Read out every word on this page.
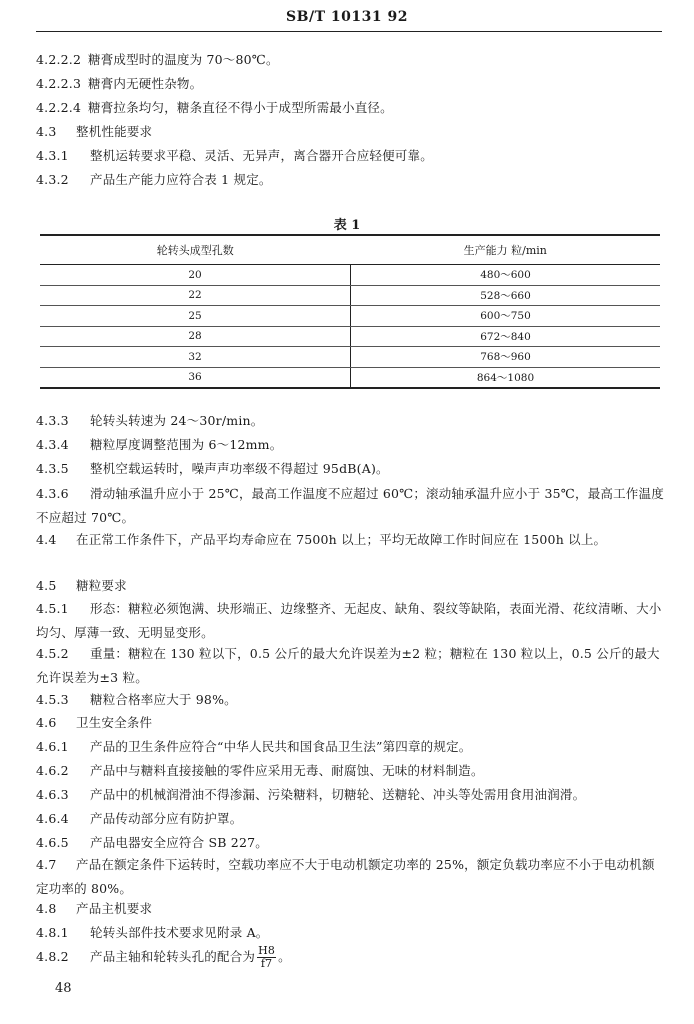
SB/T 10131 92
4.2.2.2 糖膏成型时的温度为 70～80℃。
4.2.2.3 糖膏内无硬性杂物。
4.2.2.4 糖膏拉条均匀，糖条直径不得小于成型所需最小直径。
4.3 整机性能要求
4.3.1 整机运转要求平稳、灵活、无异声，离合器开合应轻便可靠。
4.3.2 产品生产能力应符合表 1 规定。
表 1
轮转头成型孔数	生产能力 粒/min
20	480～600
22	528～660
25	600～750
28	672～840
32	768～960
36	864～1080
4.3.3 轮转头转速为 24～30r/min。
4.3.4 糖粒厚度调整范围为 6～12mm。
4.3.5 整机空载运转时，噪声声功率级不得超过 95dB(A)。
4.3.6 滑动轴承温升应小于 25℃，最高工作温度不应超过 60℃；滚动轴承温升应小于 35℃，最高工作温度不应超过 70℃。
4.4 在正常工作条件下，产品平均寿命应在 7500h 以上；平均无故障工作时间应在 1500h 以上。
4.5 糖粒要求
4.5.1 形态：糖粒必须饱满、块形端正、边缘整齐、无起皮、缺角、裂纹等缺陷，表面光滑、花纹清晰、大小均匀、厚薄一致、无明显变形。
4.5.2 重量：糖粒在 130 粒以下，0.5 公斤的最大允许误差为±2 粒；糖粒在 130 粒以上，0.5 公斤的最大允许误差为±3 粒。
4.5.3 糖粒合格率应大于 98%。
4.6 卫生安全条件
4.6.1 产品的卫生条件应符合“中华人民共和国食品卫生法”第四章的规定。
4.6.2 产品中与糖料直接接触的零件应采用无毒、耐腐蚀、无味的材料制造。
4.6.3 产品中的机械润滑油不得渗漏、污染糖料，切糖轮、送糖轮、冲头等处需用食用油润滑。
4.6.4 产品传动部分应有防护罩。
4.6.5 产品电器安全应符合 SB 227。
4.7 产品在额定条件下运转时，空载功率应不大于电动机额定功率的 25%，额定负载功率应不小于电动机额定功率的 80%。
4.8 产品主机要求
4.8.1 轮转头部件技术要求见附录 A。
4.8.2 产品主轴和轮转头孔的配合为 $\frac{H8}{f7}$ 。
48
